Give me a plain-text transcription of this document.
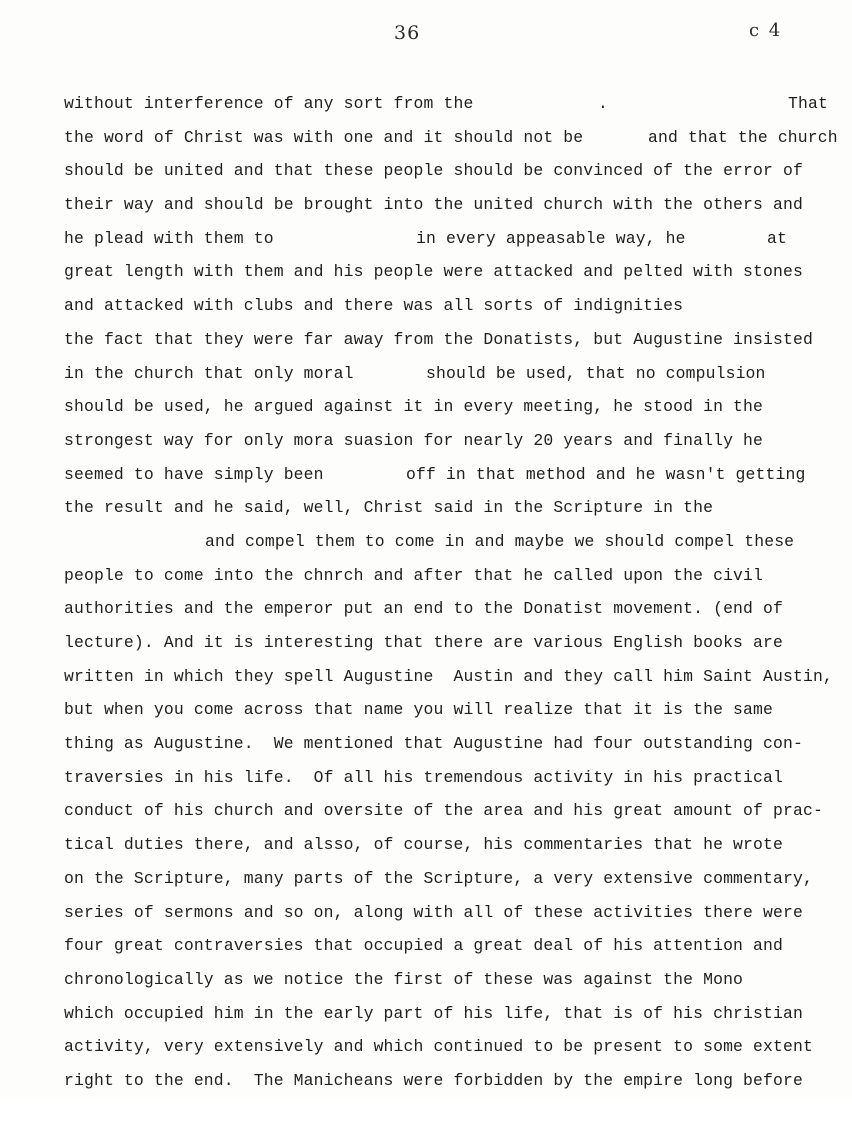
36	c 4

without interference of any sort from the

	.

	That

the word of Christ was with one and it should not be

	and that the church

should be united and that these people should be convinced of the error of

their way and should be brought into the united church with the others and

he plead with them to

	in every appeasable way, he

	at

great length with them and his people were attacked and pelted with stones

and attacked with clubs and there was all sorts of indignities

the fact that they were far away from the Donatists, but Augustine insisted

in the church that only moral

	should be used, that no compulsion

should be used, he argued against it in every meeting, he stood in the

strongest way for only mora suasion for nearly 20 years and finally he

seemed to have simply been

	off in that method and he wasn't getting

the result and he said, well, Christ said in the Scripture in the

and compel them to come in and maybe we should compel these

people to come into the chnrch and after that he called upon the civil

authorities and the emperor put an end to the Donatist movement. (end of

lecture). And it is interesting that there are various English books are

written in which they spell Augustine  Austin and they call him Saint Austin,

but when you come across that name you will realize that it is the same

thing as Augustine.  We mentioned that Augustine had four outstanding con-

traversies in his life.  Of all his tremendous activity in his practical

conduct of his church and oversite of the area and his great amount of prac-

tical duties there, and alsso, of course, his commentaries that he wrote

on the Scripture, many parts of the Scripture, a very extensive commentary,

series of sermons and so on, along with all of these activities there were

four great contraversies that occupied a great deal of his attention and

chronologically as we notice the first of these was against the Mono

which occupied him in the early part of his life, that is of his christian

activity, very extensively and which continued to be present to some extent

right to the end.  The Manicheans were forbidden by the empire long before
